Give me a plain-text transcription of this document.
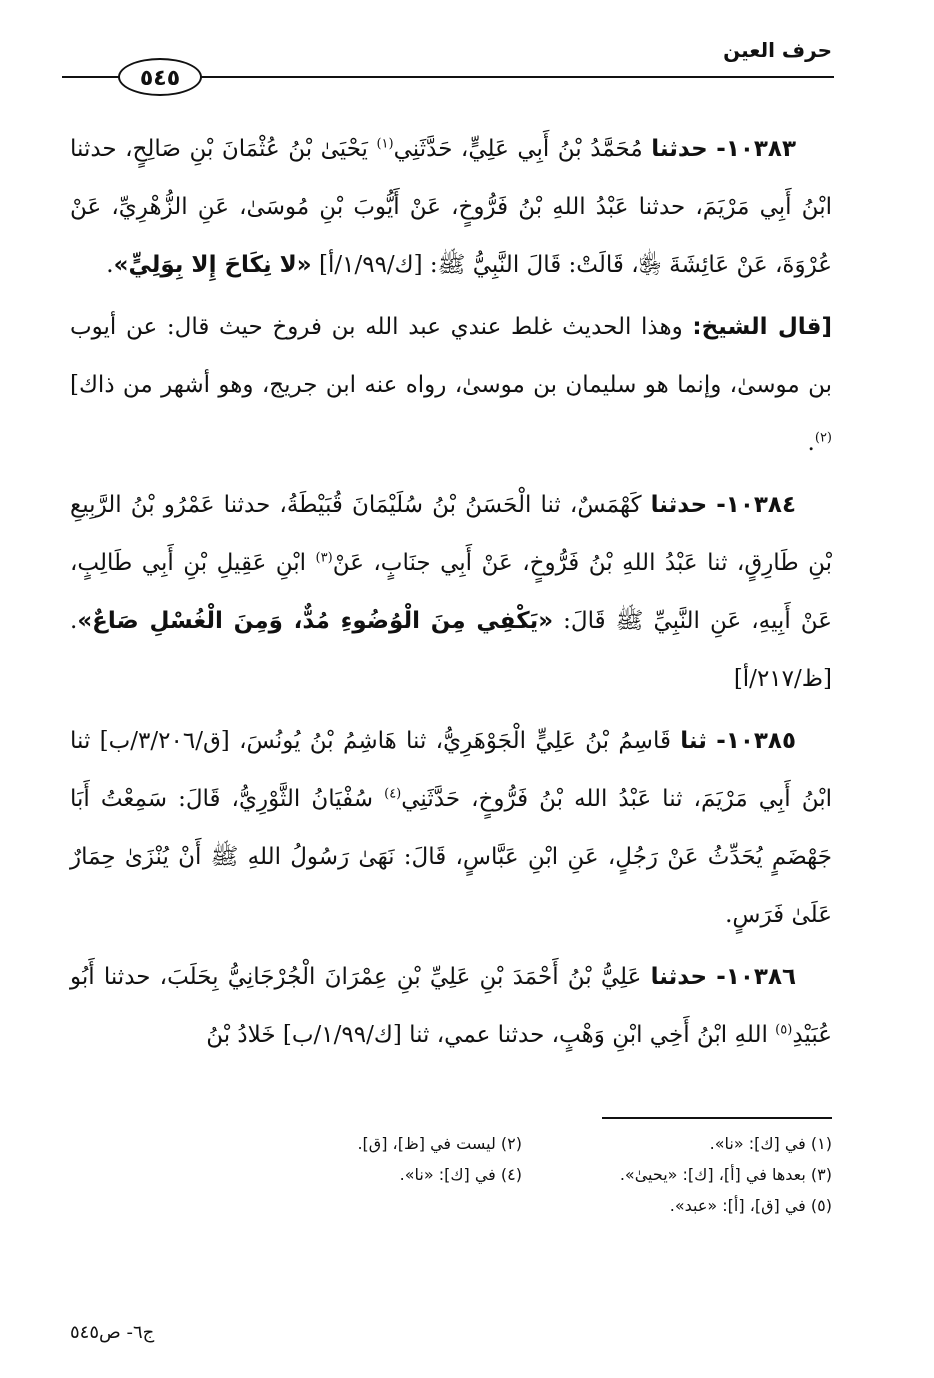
حرف العين
٥٤٥

١٠٣٨٣- حدثنا مُحَمَّدُ بْنُ أَبِي عَلِيٍّ، حَدَّثَنِي$^{(١)}$ يَحْيَىٰ بْنُ عُثْمَانَ بْنِ صَالِحٍ، حدثنا ابْنُ أَبِي مَرْيَمَ، حدثنا عَبْدُ اللهِ بْنُ فَرُّوخٍ، عَنْ أَيُّوبَ بْنِ مُوسَىٰ، عَنِ الزُّهْرِيِّ، عَنْ عُرْوَةَ، عَنْ عَائِشَةَ ﵂، قَالَتْ: قَالَ النَّبِيُّ ﷺ: [ك/١/٩٩/أ] «لا نِكَاحَ إِلا بِوَلِيٍّ».

[قال الشيخ: وهذا الحديث غلط عندي عبد الله بن فروخ حيث قال: عن أيوب بن موسىٰ، وإنما هو سليمان بن موسىٰ، رواه عنه ابن جريج، وهو أشهر من ذاك]$^{(٢)}$.

١٠٣٨٤- حدثنا كَهْمَسٌ، ثنا الْحَسَنُ بْنُ سُلَيْمَانَ قُبَيْطَةُ، حدثنا عَمْرُو بْنُ الرَّبِيعِ بْنِ طَارِقٍ، ثنا عَبْدُ اللهِ بْنُ فَرُّوخٍ، عَنْ أَبِي جنَابٍ، عَنْ$^{(٣)}$ ابْنِ عَقِيلِ بْنِ أَبِي طَالِبٍ، عَنْ أَبِيهِ، عَنِ النَّبِيِّ ﷺ قَالَ: «يَكْفِي مِنَ الْوُضُوءِ مُدٌّ، وَمِنَ الْغُسْلِ صَاعٌ». [ظ/٢١٧/أ]

١٠٣٨٥- ثنا قَاسِمُ بْنُ عَلِيٍّ الْجَوْهَرِيُّ، ثنا هَاشِمُ بْنُ يُونُسَ، [ق/٣/٢٠٦/ب] ثنا ابْنُ أَبِي مَرْيَمَ، ثنا عَبْدُ الله بْنُ فَرُّوخٍ، حَدَّثَنِي$^{(٤)}$ سُفْيَانُ الثَّوْرِيُّ، قَالَ: سَمِعْتُ أَبَا جَهْضَمٍ يُحَدِّثُ عَنْ رَجُلٍ، عَنِ ابْنِ عَبَّاسٍ، قَالَ: نَهَىٰ رَسُولُ اللهِ ﷺ أَنْ يُنْزَىٰ حِمَارٌ عَلَىٰ فَرَسٍ.

١٠٣٨٦- حدثنا عَلِيُّ بْنُ أَحْمَدَ بْنِ عَلِيِّ بْنِ عِمْرَانَ الْجُرْجَانِيُّ بِحَلَبَ، حدثنا أَبُو عُبَيْدِ$^{(٥)}$ اللهِ ابْنُ أَخِي ابْنِ وَهْبٍ، حدثنا عمي، ثنا [ك/١/٩٩/ب] خَلادُ بْنُ

(١) في [ك]: «نا».
(٢) ليست في [ظ]، [ق].
(٣) بعدها في [أ]، [ك]: «يحيىٰ».
(٤) في [ك]: «نا».
(٥) في [ق]، [أ]: «عبد».
ج٦- ص٥٤٥
